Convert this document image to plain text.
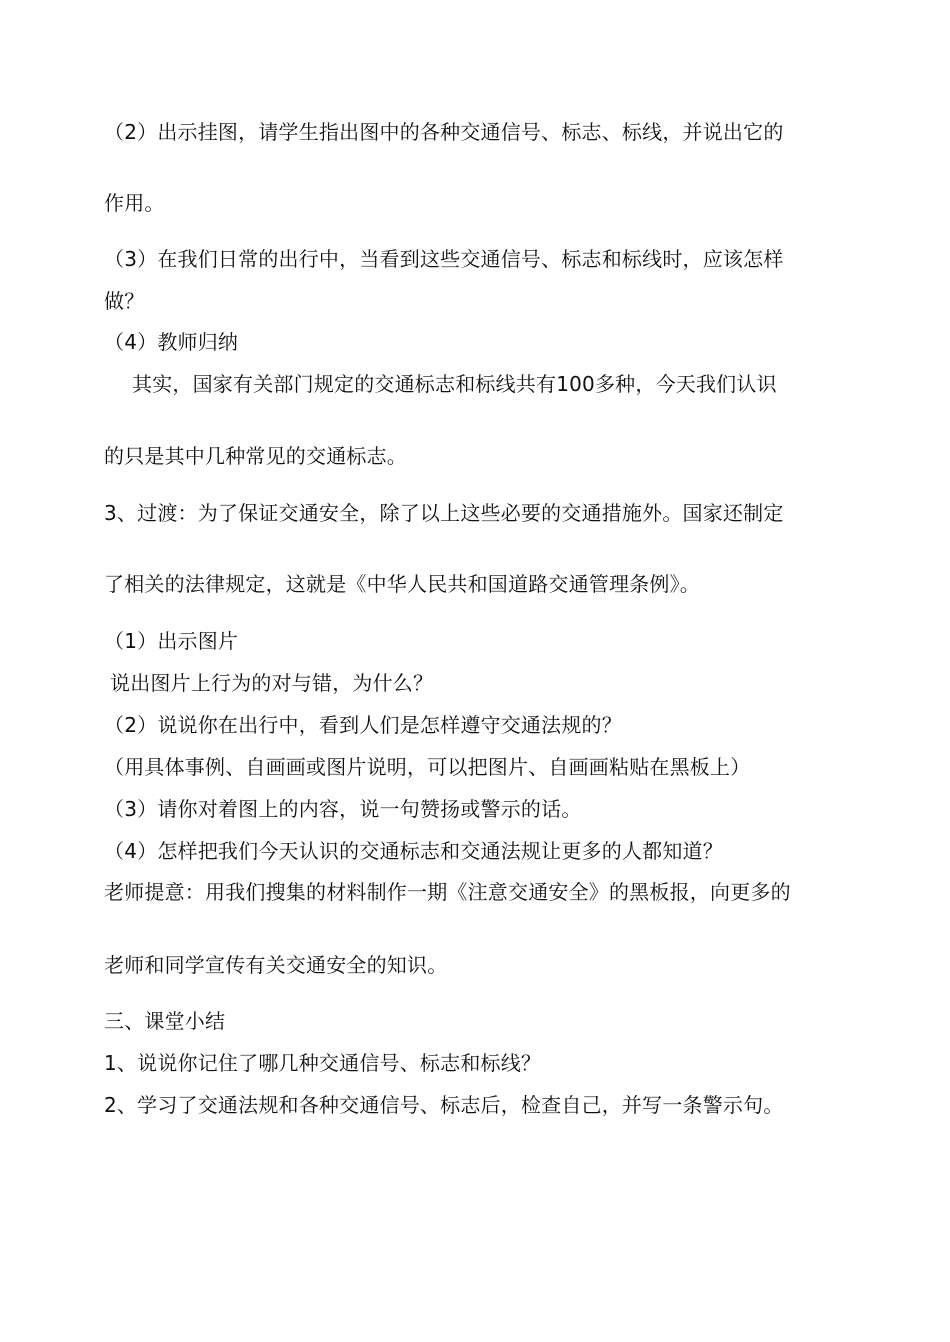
（2）出示挂图，请学生指出图中的各种交通信号、标志、标线，并说出它的
作用。
（3）在我们日常的出行中，当看到这些交通信号、标志和标线时，应该怎样
做？
（4）教师归纳
其实，国家有关部门规定的交通标志和标线共有100多种，今天我们认识
的只是其中几种常见的交通标志。
3、过渡：为了保证交通安全，除了以上这些必要的交通措施外。国家还制定
了相关的法律规定，这就是《中华人民共和国道路交通管理条例》。
（1）出示图片
说出图片上行为的对与错，为什么？
（2）说说你在出行中，看到人们是怎样遵守交通法规的？
（用具体事例、自画画或图片说明，可以把图片、自画画粘贴在黑板上）
（3）请你对着图上的内容，说一句赞扬或警示的话。
（4）怎样把我们今天认识的交通标志和交通法规让更多的人都知道？
老师提意：用我们搜集的材料制作一期《注意交通安全》的黑板报，向更多的
老师和同学宣传有关交通安全的知识。
三、课堂小结
1、说说你记住了哪几种交通信号、标志和标线？
2、学习了交通法规和各种交通信号、标志后，检查自己，并写一条警示句。
